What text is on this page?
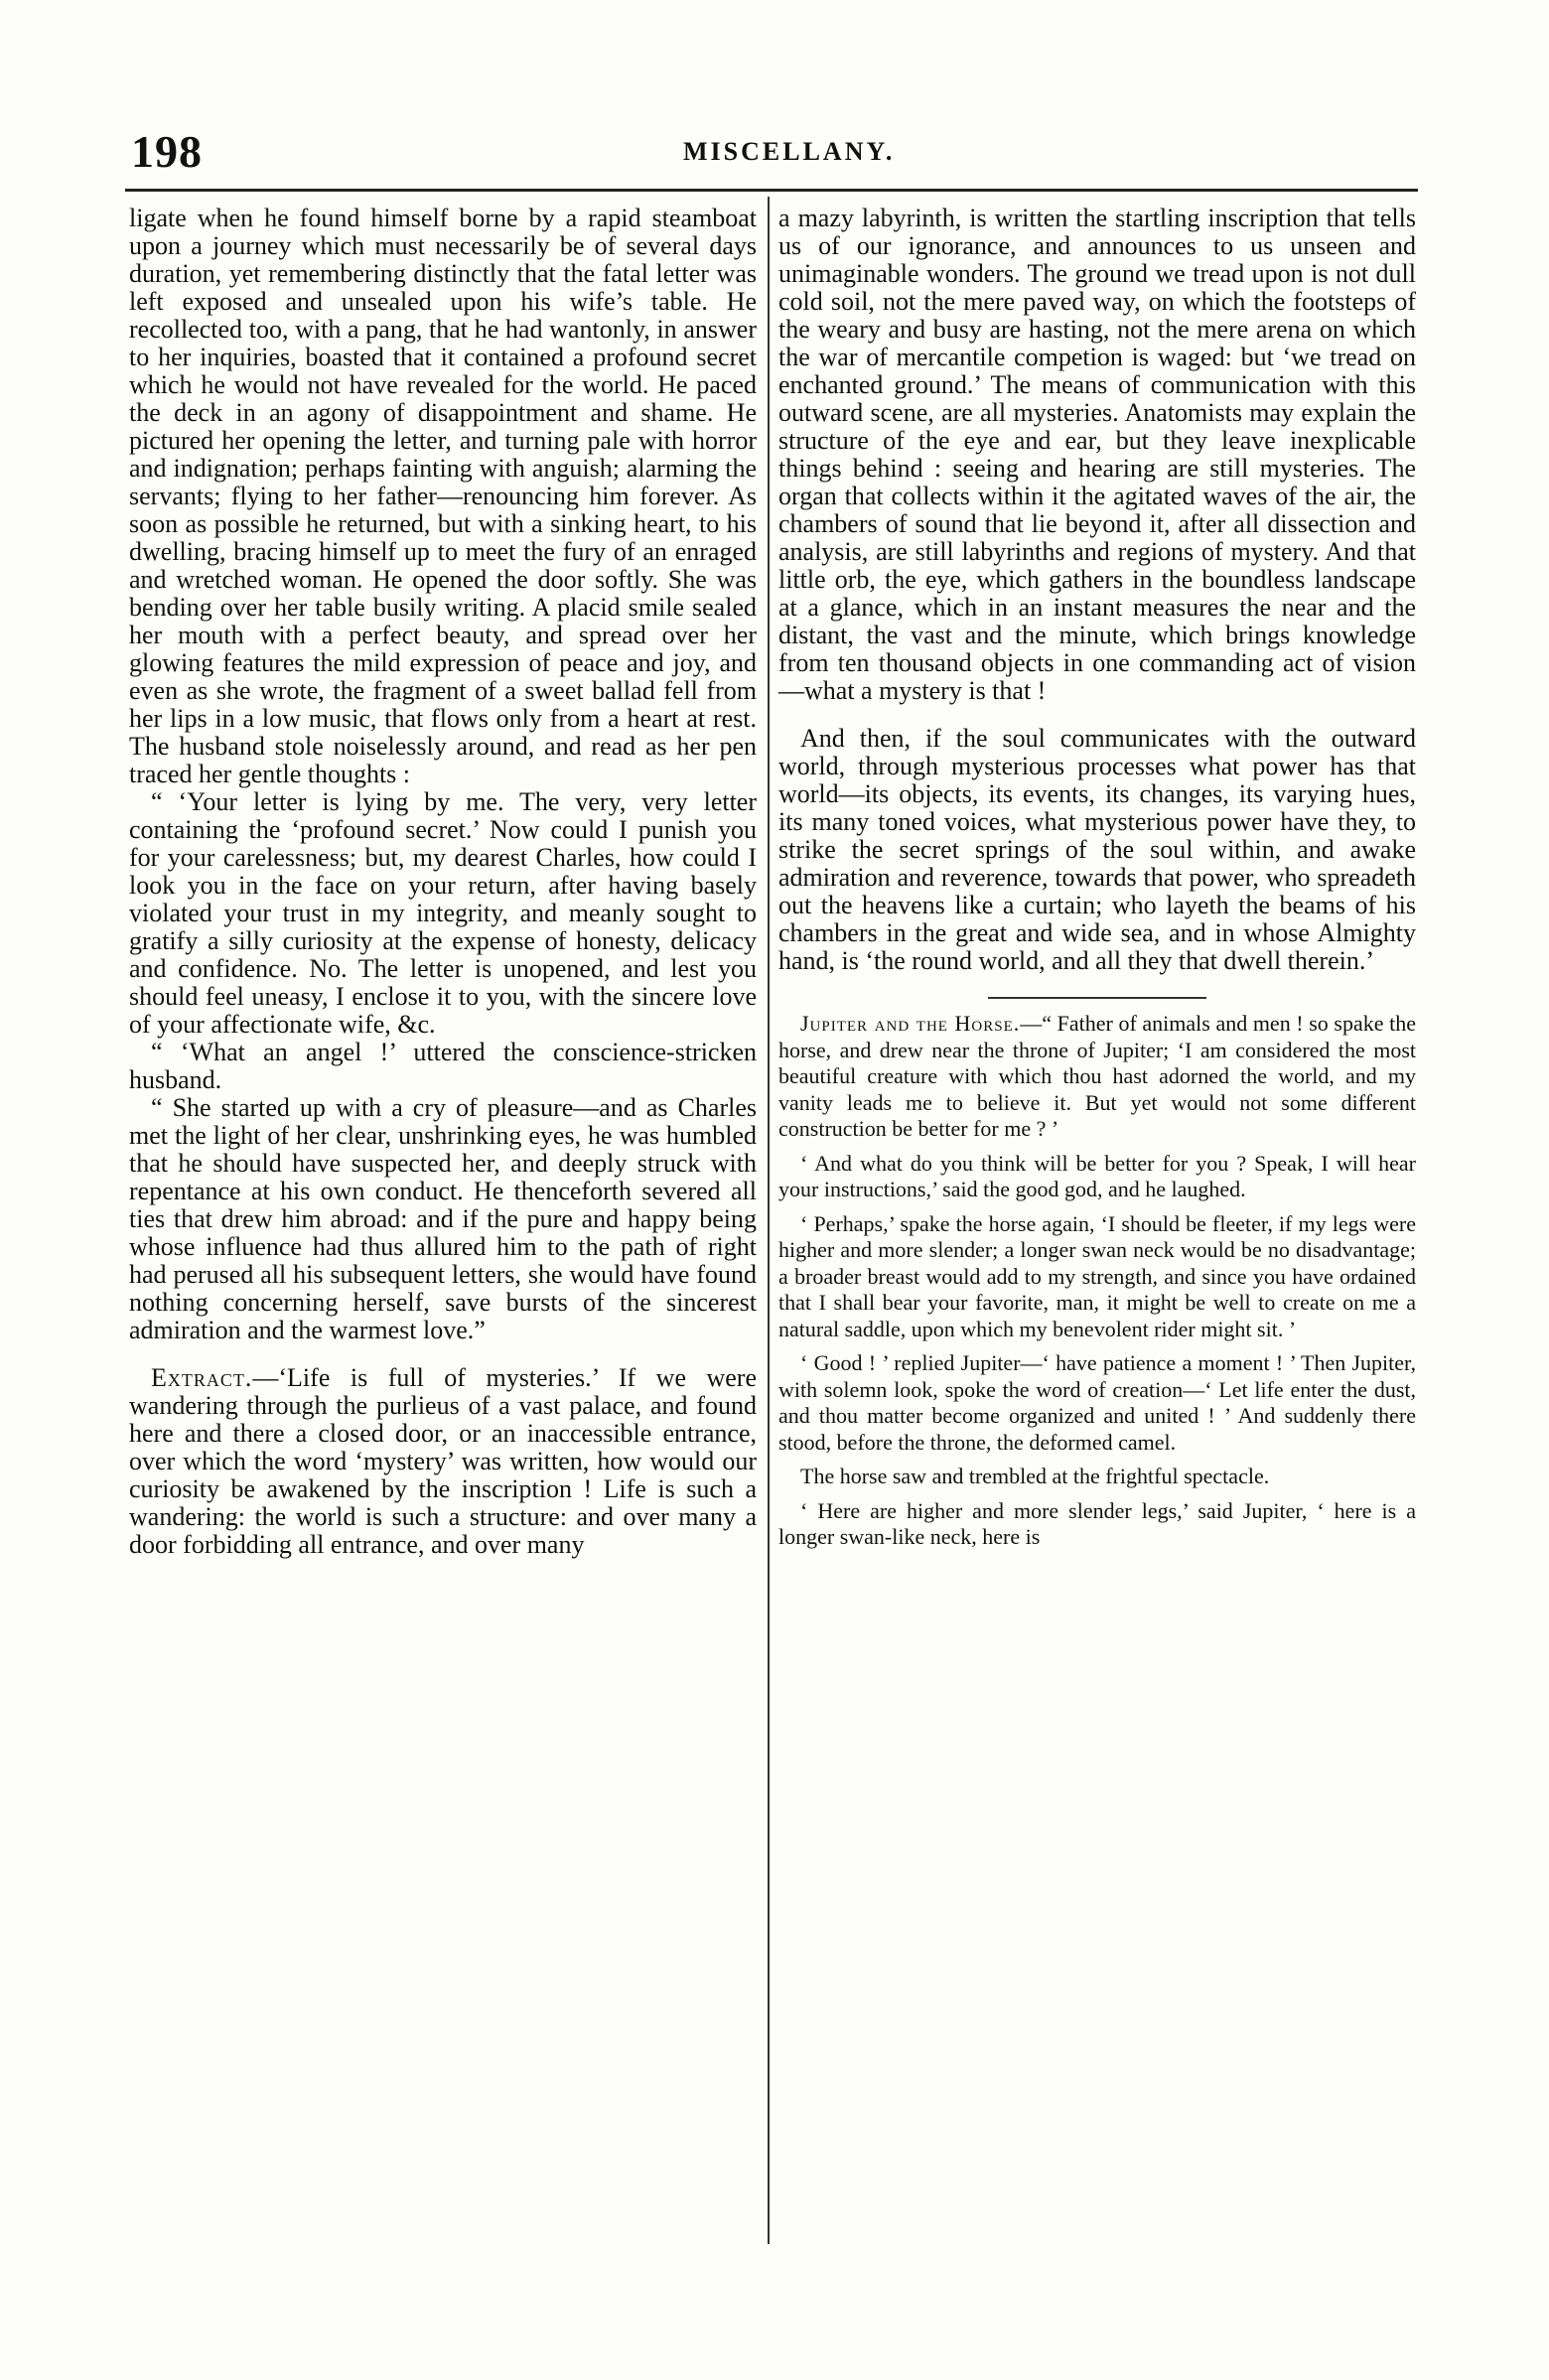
198	MISCELLANY.

ligate when he found himself borne by a rapid steamboat upon a journey which must necessarily be of several days duration, yet remembering distinctly that the fatal letter was left exposed and unsealed upon his wife’s table. He recollected too, with a pang, that he had wantonly, in answer to her inquiries, boasted that it contained a profound secret which he would not have revealed for the world. He paced the deck in an agony of disappointment and shame. He pictured her opening the letter, and turning pale with horror and indignation; perhaps fainting with anguish; alarming the servants; flying to her father—renouncing him forever. As soon as possible he returned, but with a sinking heart, to his dwelling, bracing himself up to meet the fury of an enraged and wretched woman. He opened the door softly. She was bending over her table busily writing. A placid smile sealed her mouth with a perfect beauty, and spread over her glowing features the mild expression of peace and joy, and even as she wrote, the fragment of a sweet ballad fell from her lips in a low music, that flows only from a heart at rest. The husband stole noiselessly around, and read as her pen traced her gentle thoughts :

“ ‘Your letter is lying by me. The very, very letter containing the ‘profound secret.’ Now could I punish you for your carelessness; but, my dearest Charles, how could I look you in the face on your return, after having basely violated your trust in my integrity, and meanly sought to gratify a silly curiosity at the expense of honesty, delicacy and confidence. No. The letter is unopened, and lest you should feel uneasy, I enclose it to you, with the sincere love of your affectionate wife, &c.

“ ‘What an angel !’ uttered the conscience-stricken husband.

“ She started up with a cry of pleasure—and as Charles met the light of her clear, unshrinking eyes, he was humbled that he should have suspected her, and deeply struck with repentance at his own conduct. He thenceforth severed all ties that drew him abroad: and if the pure and happy being whose influence had thus allured him to the path of right had perused all his subsequent letters, she would have found nothing concerning herself, save bursts of the sincerest admiration and the warmest love.”

Extract.—‘Life is full of mysteries.’ If we were wandering through the purlieus of a vast palace, and found here and there a closed door, or an inaccessible entrance, over which the word ‘mystery’ was written, how would our curiosity be awakened by the inscription ! Life is such a wandering: the world is such a structure: and over many a door forbidding all entrance, and over many

a mazy labyrinth, is written the startling inscription that tells us of our ignorance, and announces to us unseen and unimaginable wonders. The ground we tread upon is not dull cold soil, not the mere paved way, on which the footsteps of the weary and busy are hasting, not the mere arena on which the war of mercantile competion is waged: but ‘we tread on enchanted ground.’ The means of communication with this outward scene, are all mysteries. Anatomists may explain the structure of the eye and ear, but they leave inexplicable things behind : seeing and hearing are still mysteries. The organ that collects within it the agitated waves of the air, the chambers of sound that lie beyond it, after all dissection and analysis, are still labyrinths and regions of mystery. And that little orb, the eye, which gathers in the boundless landscape at a glance, which in an instant measures the near and the distant, the vast and the minute, which brings knowledge from ten thousand objects in one commanding act of vision—what a mystery is that !

And then, if the soul communicates with the outward world, through mysterious processes what power has that world—its objects, its events, its changes, its varying hues, its many toned voices, what mysterious power have they, to strike the secret springs of the soul within, and awake admiration and reverence, towards that power, who spreadeth out the heavens like a curtain; who layeth the beams of his chambers in the great and wide sea, and in whose Almighty hand, is ‘the round world, and all they that dwell therein.’

Jupiter and the Horse.—“ Father of animals and men ! so spake the horse, and drew near the throne of Jupiter; ‘I am considered the most beautiful creature with which thou hast adorned the world, and my vanity leads me to believe it. But yet would not some different construction be better for me ? ’

‘ And what do you think will be better for you ? Speak, I will hear your instructions,’ said the good god, and he laughed.

‘ Perhaps,’ spake the horse again, ‘I should be fleeter, if my legs were higher and more slender; a longer swan neck would be no disadvantage; a broader breast would add to my strength, and since you have ordained that I shall bear your favorite, man, it might be well to create on me a natural saddle, upon which my benevolent rider might sit. ’

‘ Good ! ’ replied Jupiter—‘ have patience a moment ! ’ Then Jupiter, with solemn look, spoke the word of creation—‘ Let life enter the dust, and thou matter become organized and united ! ’ And suddenly there stood, before the throne, the deformed camel.

The horse saw and trembled at the frightful spectacle.

‘ Here are higher and more slender legs,’ said Jupiter, ‘ here is a longer swan-like neck, here is
